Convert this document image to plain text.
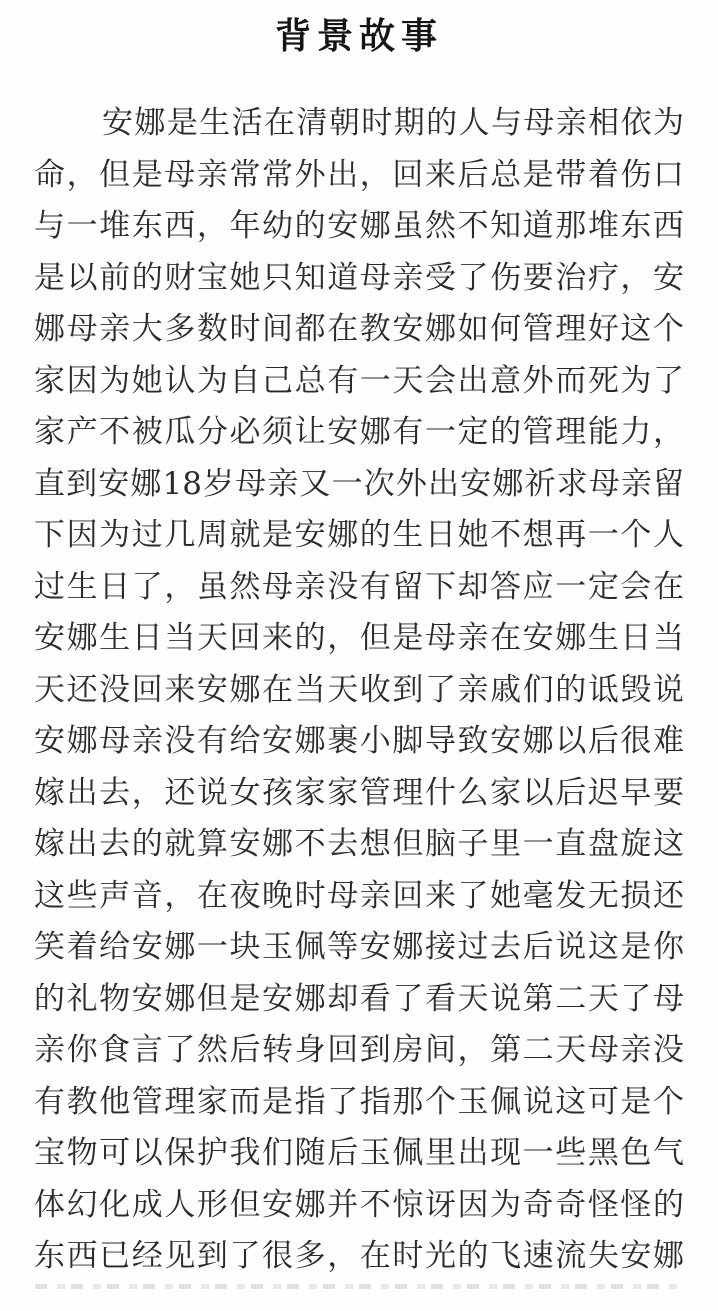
背景故事
安娜是生活在清朝时期的人与母亲相依为
命，但是母亲常常外出，回来后总是带着伤口
与一堆东西，年幼的安娜虽然不知道那堆东西
是以前的财宝她只知道母亲受了伤要治疗，安
娜母亲大多数时间都在教安娜如何管理好这个
家因为她认为自己总有一天会出意外而死为了
家产不被瓜分必须让安娜有一定的管理能力，
直到安娜18岁母亲又一次外出安娜祈求母亲留
下因为过几周就是安娜的生日她不想再一个人
过生日了，虽然母亲没有留下却答应一定会在
安娜生日当天回来的，但是母亲在安娜生日当
天还没回来安娜在当天收到了亲戚们的诋毁说
安娜母亲没有给安娜裹小脚导致安娜以后很难
嫁出去，还说女孩家家管理什么家以后迟早要
嫁出去的就算安娜不去想但脑子里一直盘旋这
这些声音，在夜晚时母亲回来了她毫发无损还
笑着给安娜一块玉佩等安娜接过去后说这是你
的礼物安娜但是安娜却看了看天说第二天了母
亲你食言了然后转身回到房间，第二天母亲没
有教他管理家而是指了指那个玉佩说这可是个
宝物可以保护我们随后玉佩里出现一些黑色气
体幻化成人形但安娜并不惊讶因为奇奇怪怪的
东西已经见到了很多，在时光的飞速流失安娜
